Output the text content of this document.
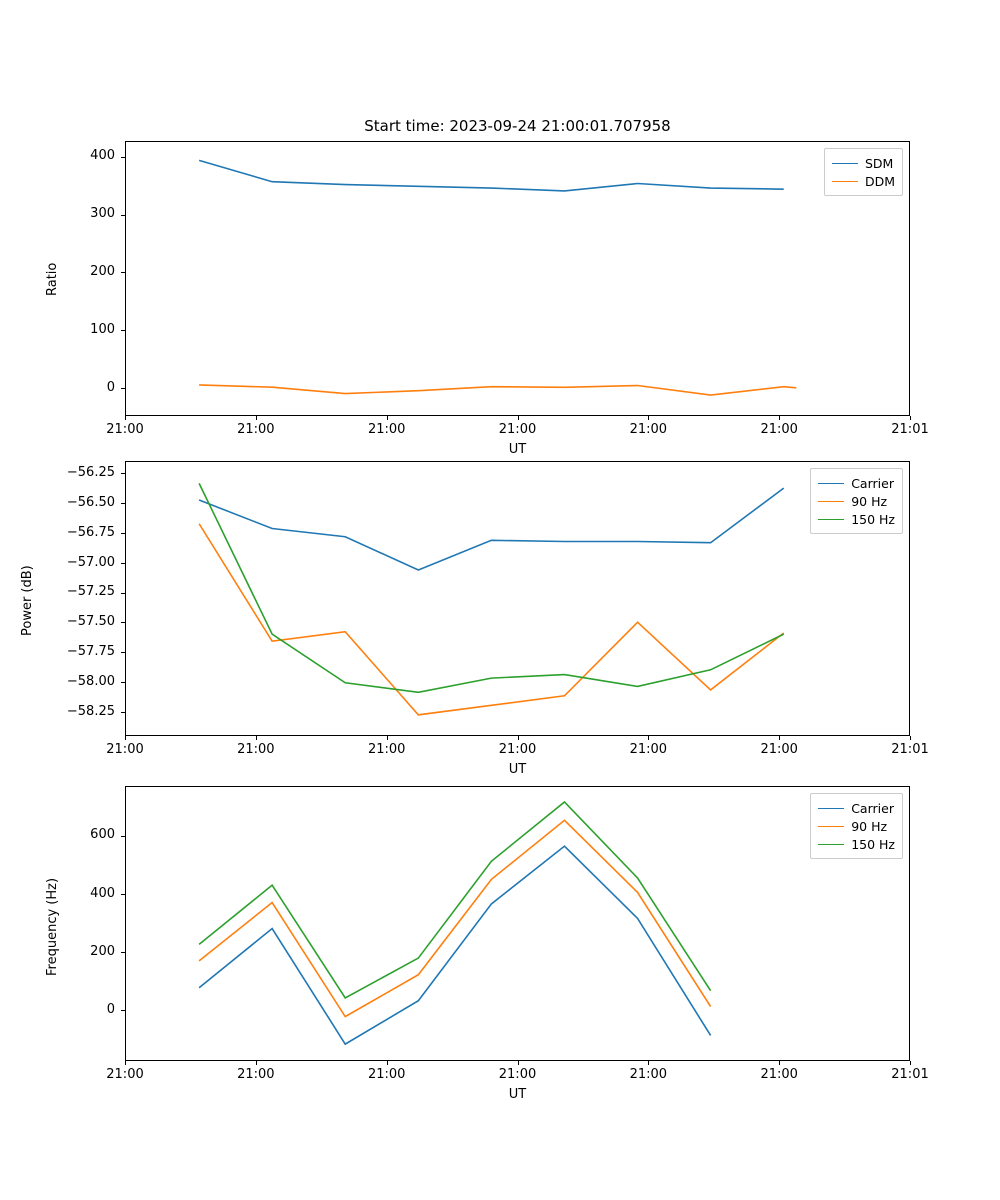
Start time: 2023-09-24 21:00:01.707958
SDM
DDM
0
100
200
300
400
21:00	21:00	21:00	21:00	21:00	21:00	21:01
UT
Ratio
Carrier
90 Hz
150 Hz
−58.25
−58.00
−57.75
−57.50
−57.25
−57.00
−56.75
−56.50
−56.25
21:00	21:00	21:00	21:00	21:00	21:00	21:01
UT
Power (dB)
Carrier
90 Hz
150 Hz
0
200
400
600
21:00	21:00	21:00	21:00	21:00	21:00	21:01
UT
Frequency (Hz)
